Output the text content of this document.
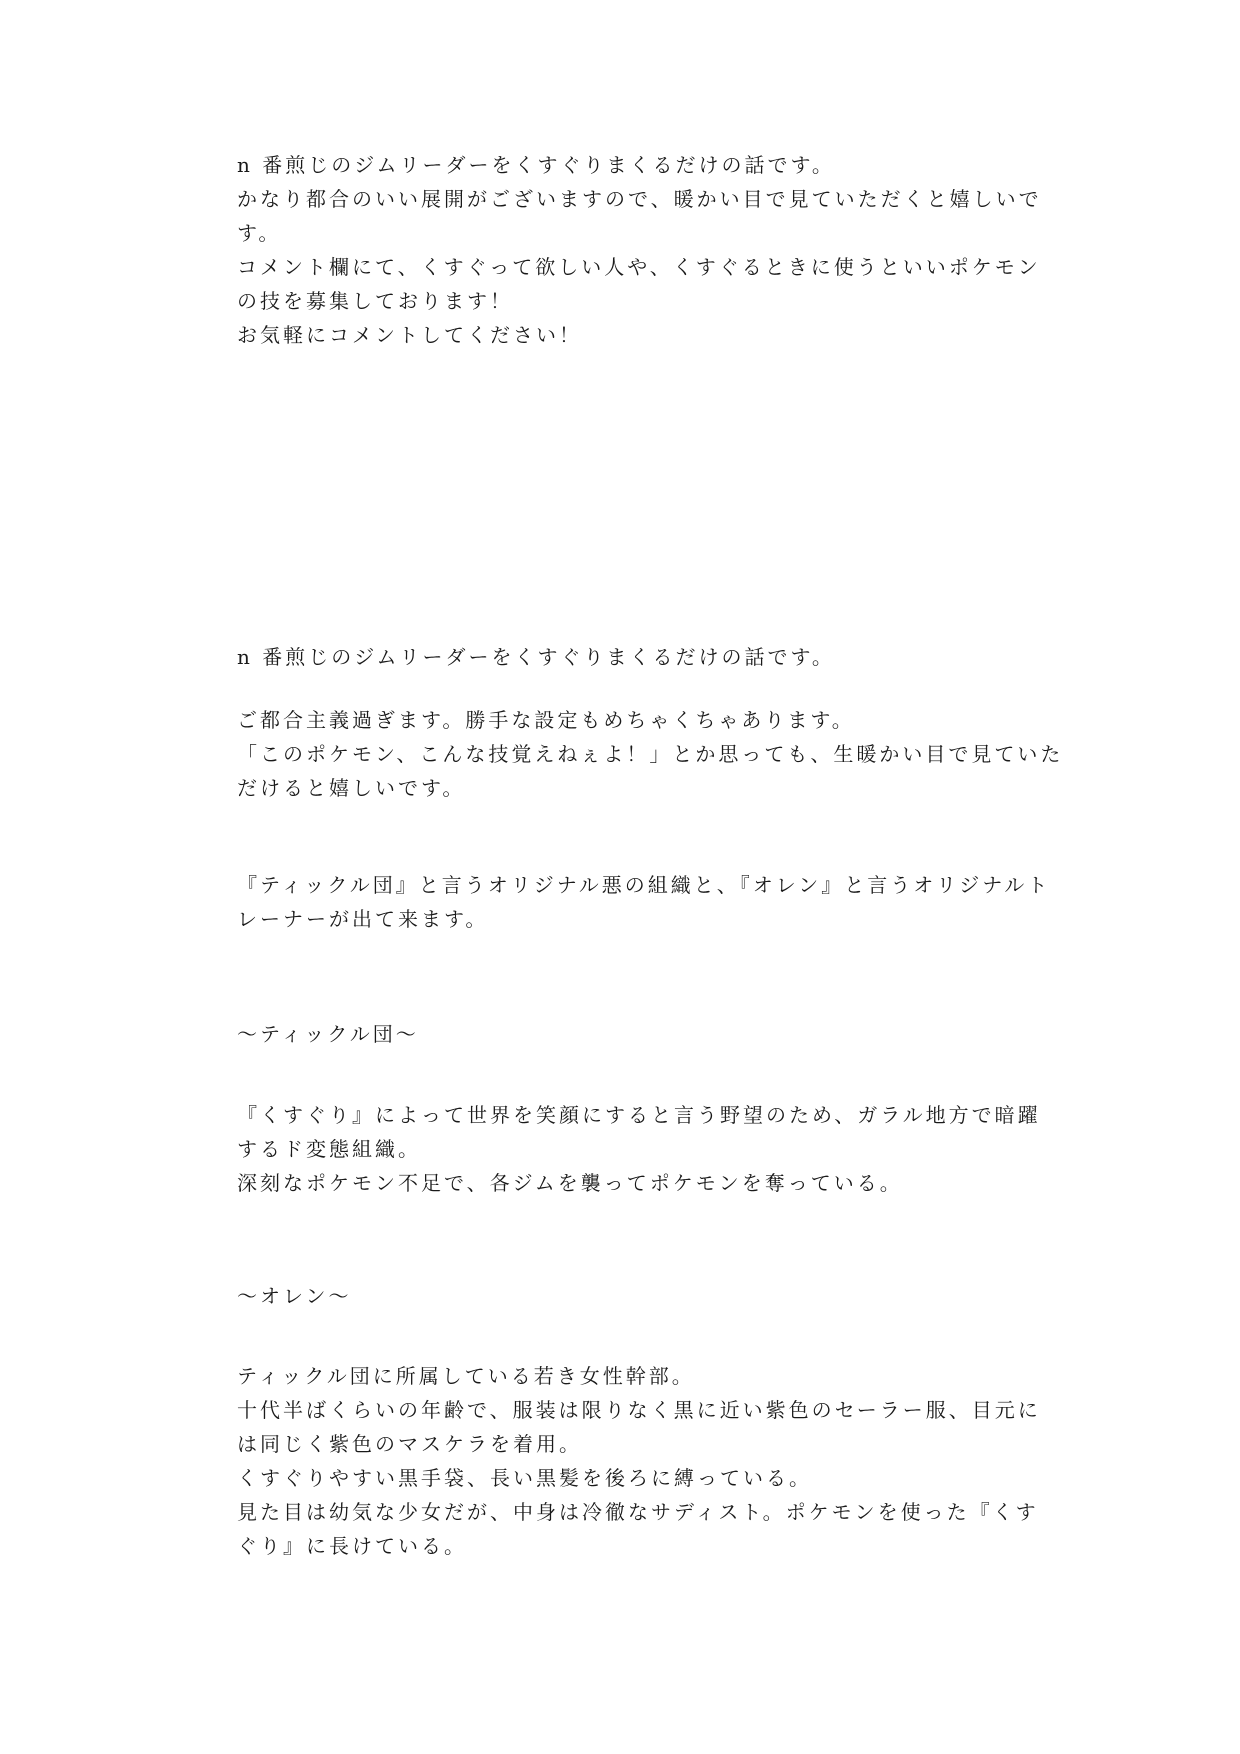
n 番煎じのジムリーダーをくすぐりまくるだけの話です。
かなり都合のいい展開がございますので、暖かい目で見ていただくと嬉しいで
す。
コメント欄にて、くすぐって欲しい人や、くすぐるときに使うといいポケモン
の技を募集しております！
お気軽にコメントしてください！
n 番煎じのジムリーダーをくすぐりまくるだけの話です。
ご都合主義過ぎます。勝手な設定もめちゃくちゃあります。
「このポケモン、こんな技覚えねぇよ！」とか思っても、生暖かい目で見ていた
だけると嬉しいです。
『ティックル団』と言うオリジナル悪の組織と、『オレン』と言うオリジナルト
レーナーが出て来ます。
〜ティックル団〜
『くすぐり』によって世界を笑顔にすると言う野望のため、ガラル地方で暗躍
するド変態組織。
深刻なポケモン不足で、各ジムを襲ってポケモンを奪っている。
〜オレン〜
ティックル団に所属している若き女性幹部。
十代半ばくらいの年齢で、服装は限りなく黒に近い紫色のセーラー服、目元に
は同じく紫色のマスケラを着用。
くすぐりやすい黒手袋、長い黒髪を後ろに縛っている。
見た目は幼気な少女だが、中身は冷徹なサディスト。ポケモンを使った『くす
ぐり』に長けている。
